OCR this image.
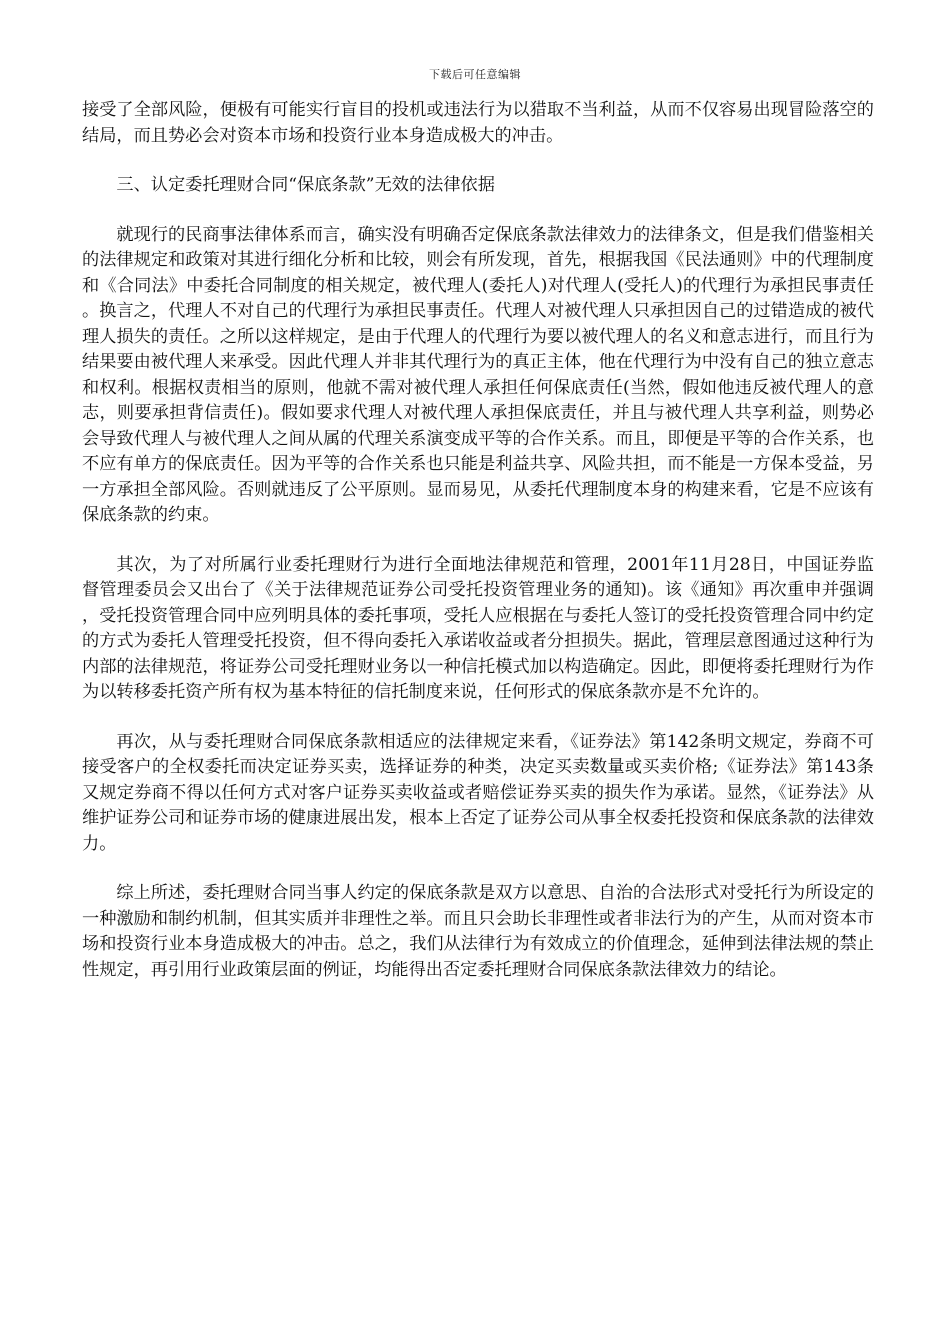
下载后可任意编辑

接受了全部风险，便极有可能实行盲目的投机或违法行为以猎取不当利益，从而不仅容易出现冒险落空的结局，而且势必会对资本市场和投资行业本身造成极大的冲击。

三、认定委托理财合同“保底条款”无效的法律依据

就现行的民商事法律体系而言，确实没有明确否定保底条款法律效力的法律条文，但是我们借鉴相关的法律规定和政策对其进行细化分析和比较，则会有所发现，首先，根据我国《民法通则》中的代理制度和《合同法》中委托合同制度的相关规定，被代理人(委托人)对代理人(受托人)的代理行为承担民事责任。换言之，代理人不对自己的代理行为承担民事责任。代理人对被代理人只承担因自己的过错造成的被代理人损失的责任。之所以这样规定，是由于代理人的代理行为要以被代理人的名义和意志进行，而且行为结果要由被代理人来承受。因此代理人并非其代理行为的真正主体，他在代理行为中没有自己的独立意志和权利。根据权责相当的原则，他就不需对被代理人承担任何保底责任(当然，假如他违反被代理人的意志，则要承担背信责任)。假如要求代理人对被代理人承担保底责任，并且与被代理人共享利益，则势必会导致代理人与被代理人之间从属的代理关系演变成平等的合作关系。而且，即便是平等的合作关系，也不应有单方的保底责任。因为平等的合作关系也只能是利益共享、风险共担，而不能是一方保本受益，另一方承担全部风险。否则就违反了公平原则。显而易见，从委托代理制度本身的构建来看，它是不应该有保底条款的约束。

其次，为了对所属行业委托理财行为进行全面地法律规范和管理，2001年11月28日，中国证券监督管理委员会又出台了《关于法律规范证券公司受托投资管理业务的通知)。该《通知》再次重申并强调，受托投资管理合同中应列明具体的委托事项，受托人应根据在与委托人签订的受托投资管理合同中约定的方式为委托人管理受托投资，但不得向委托入承诺收益或者分担损失。据此，管理层意图通过这种行为内部的法律规范，将证券公司受托理财业务以一种信托模式加以构造确定。因此，即便将委托理财行为作为以转移委托资产所有权为基本特征的信托制度来说，任何形式的保底条款亦是不允许的。

再次，从与委托理财合同保底条款相适应的法律规定来看，《证券法》第142条明文规定，券商不可接受客户的全权委托而决定证券买卖，选择证券的种类，决定买卖数量或买卖价格;《证券法》第143条又规定券商不得以任何方式对客户证券买卖收益或者赔偿证券买卖的损失作为承诺。显然，《证券法》从维护证券公司和证券市场的健康进展出发，根本上否定了证券公司从事全权委托投资和保底条款的法律效力。

综上所述，委托理财合同当事人约定的保底条款是双方以意思、自治的合法形式对受托行为所设定的一种激励和制约机制，但其实质并非理性之举。而且只会助长非理性或者非法行为的产生，从而对资本市场和投资行业本身造成极大的冲击。总之，我们从法律行为有效成立的价值理念，延伸到法律法规的禁止性规定，再引用行业政策层面的例证，均能得出否定委托理财合同保底条款法律效力的结论。
